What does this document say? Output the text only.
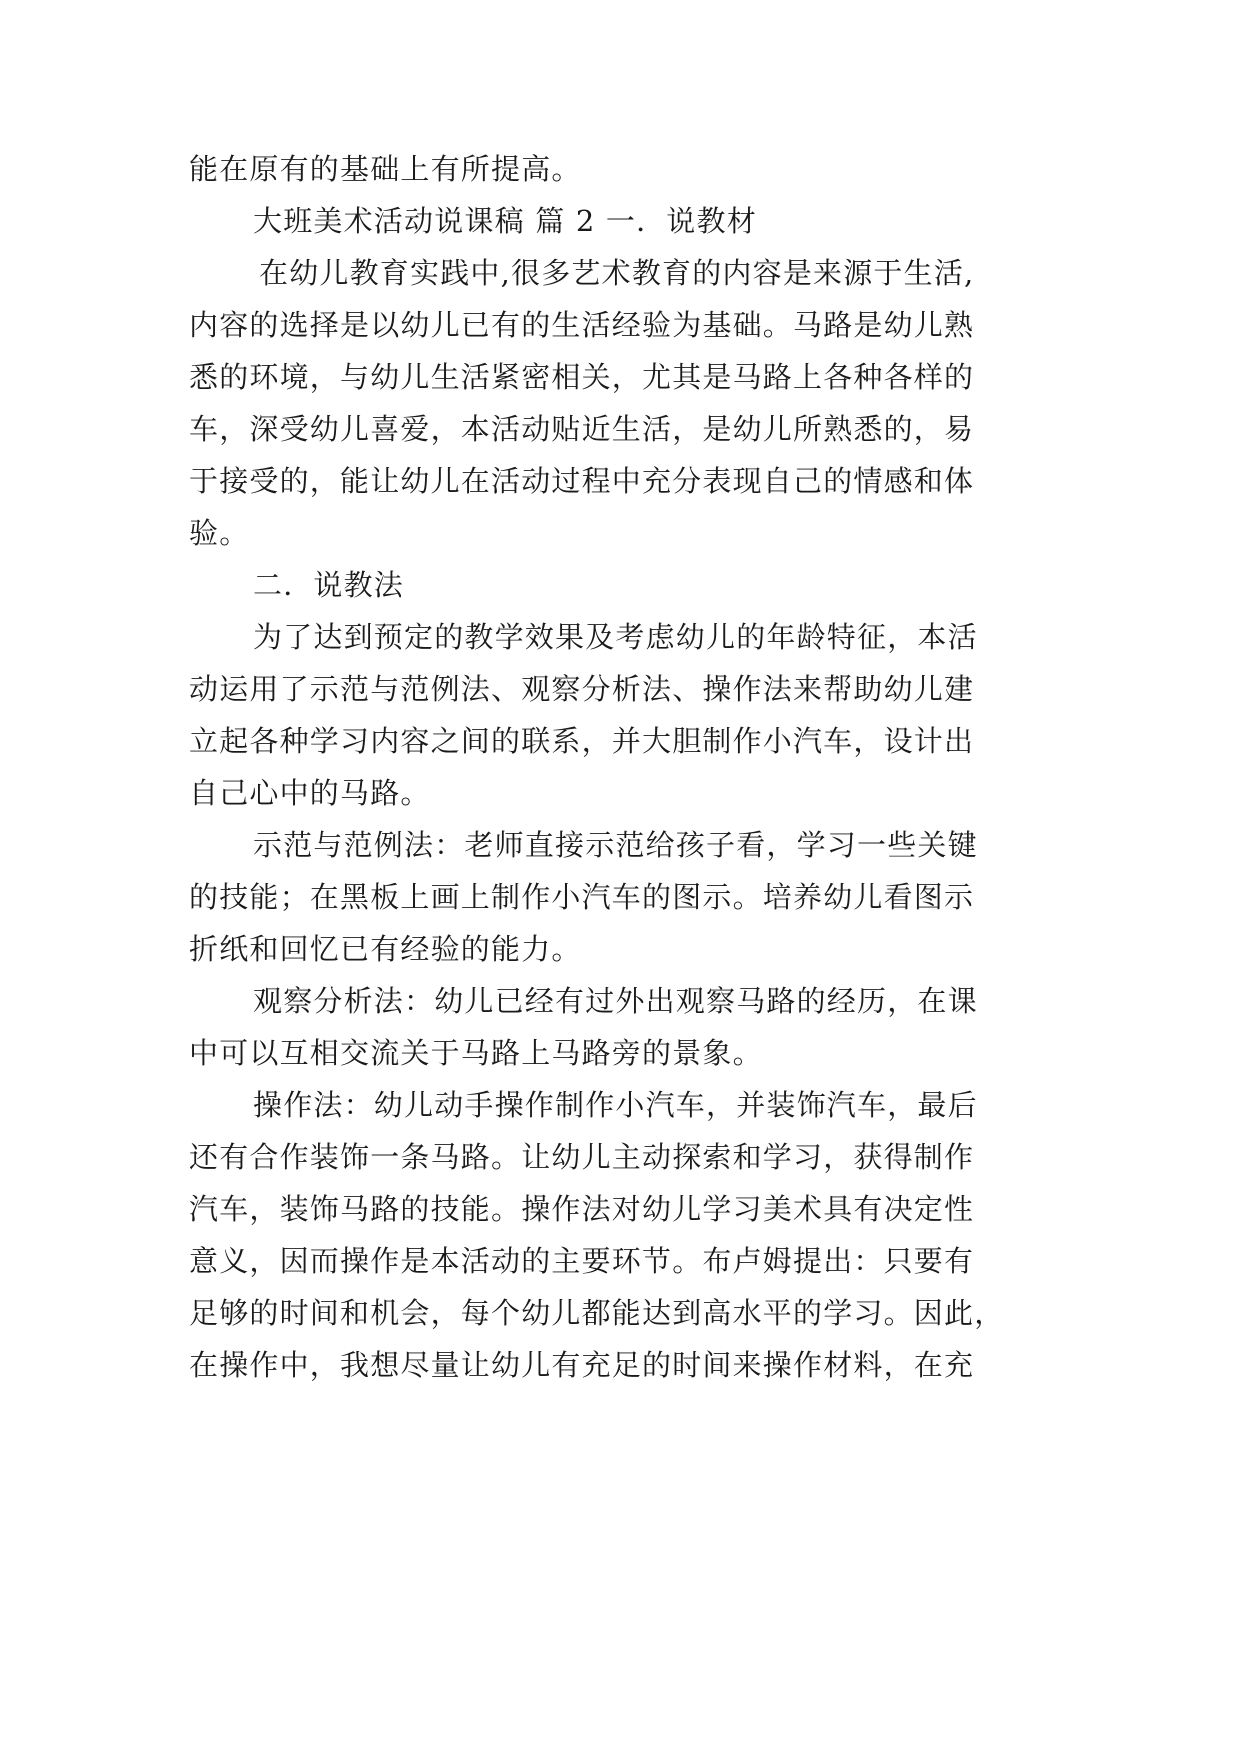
能在原有的基础上有所提高。

大班美术活动说课稿 篇 2 一．说教材

在幼儿教育实践中,很多艺术教育的内容是来源于生活,

内容的选择是以幼儿已有的生活经验为基础。马路是幼儿熟

悉的环境，与幼儿生活紧密相关，尤其是马路上各种各样的

车，深受幼儿喜爱，本活动贴近生活，是幼儿所熟悉的，易

于接受的，能让幼儿在活动过程中充分表现自己的情感和体

验。

二．说教法

为了达到预定的教学效果及考虑幼儿的年龄特征，本活

动运用了示范与范例法、观察分析法、操作法来帮助幼儿建

立起各种学习内容之间的联系，并大胆制作小汽车，设计出

自己心中的马路。

示范与范例法：老师直接示范给孩子看，学习一些关键

的技能；在黑板上画上制作小汽车的图示。培养幼儿看图示

折纸和回忆已有经验的能力。

观察分析法：幼儿已经有过外出观察马路的经历，在课

中可以互相交流关于马路上马路旁的景象。

操作法：幼儿动手操作制作小汽车，并装饰汽车，最后

还有合作装饰一条马路。让幼儿主动探索和学习，获得制作

汽车，装饰马路的技能。操作法对幼儿学习美术具有决定性

意义，因而操作是本活动的主要环节。布卢姆提出：只要有

足够的时间和机会，每个幼儿都能达到高水平的学习。因此，

在操作中，我想尽量让幼儿有充足的时间来操作材料，在充
